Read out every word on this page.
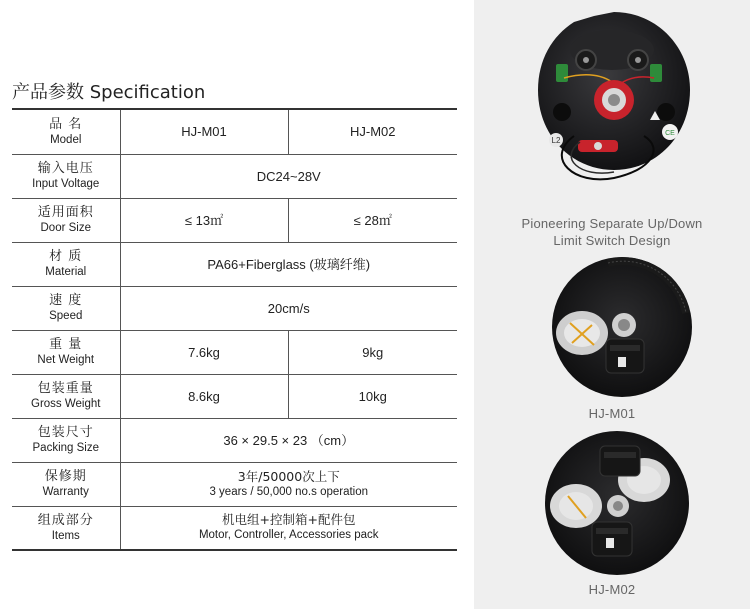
产品参数 Specification
品 名
Model	HJ-M01	HJ-M02

输入电压
Input Voltage	DC24~28V	

适用面积
Door Size	≤ 13㎡	≤ 28㎡

材 质
Material	PA66+Fiberglass (玻璃纤维)	

速 度
Speed	20cm/s	

重 量
Net Weight	7.6kg	9kg

包装重量
Gross Weight	8.6kg	10kg

包装尺寸
Packing Size	36 × 29.5 × 23 （cm）	

保修期
Warranty	3年/50000次上下
3 years / 50,000 no.s operation	

组成部分
Items	机电组+控制箱+配件包
Motor, Controller, Accessories pack	
L2
CE
Pioneering Separate Up/Down
Limit Switch Design
HJ-M01
HJ-M02
